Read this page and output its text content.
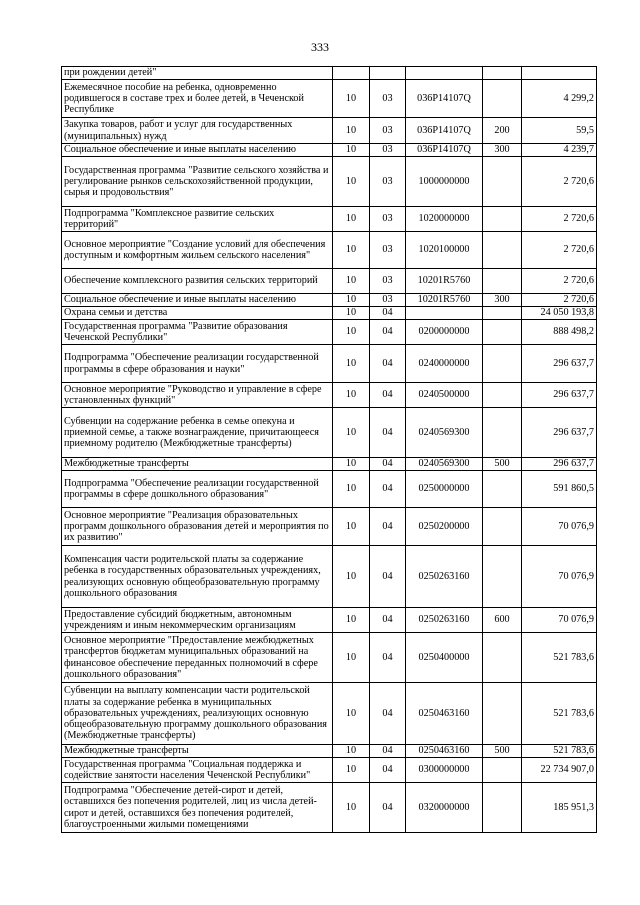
333
при рождении детей"					
Ежемесячное пособие на ребенка, одновременно родившегося в составе трех и более детей, в Чеченской Республике	10	03	036P14107Q		4 299,2
Закупка товаров, работ и услуг для государственных (муниципальных) нужд	10	03	036P14107Q	200	59,5
Социальное обеспечение и иные выплаты населению	10	03	036P14107Q	300	4 239,7
Государственная программа "Развитие сельского хозяйства и регулирование рынков сельскохозяйственной продукции, сырья и продовольствия"	10	03	1000000000		2 720,6
Подпрограмма "Комплексное развитие сельских территорий"	10	03	1020000000		2 720,6
Основное мероприятие "Создание условий для обеспечения доступным и комфортным жильем сельского населения"	10	03	1020100000		2 720,6
Обеспечение комплексного развития сельских территорий	10	03	10201R5760		2 720,6
Социальное обеспечение и иные выплаты населению	10	03	10201R5760	300	2 720,6
Охрана семьи и детства	10	04			24 050 193,8
Государственная программа "Развитие образования Чеченской Республики"	10	04	0200000000		888 498,2
Подпрограмма "Обеспечение реализации государственной программы в сфере образования и науки"	10	04	0240000000		296 637,7
Основное мероприятие "Руководство и управление в сфере установленных функций"	10	04	0240500000		296 637,7
Субвенции на содержание ребенка в семье опекуна и приемной семье, а также вознаграждение, причитающееся приемному родителю (Межбюджетные трансферты)	10	04	0240569300		296 637,7
Межбюджетные трансферты	10	04	0240569300	500	296 637,7
Подпрограмма "Обеспечение реализации государственной программы в сфере дошкольного образования"	10	04	0250000000		591 860,5
Основное мероприятие "Реализация образовательных программ дошкольного образования детей и мероприятия по их развитию"	10	04	0250200000		70 076,9
Компенсация части родительской платы за содержание ребенка в государственных образовательных учреждениях, реализующих основную общеобразовательную программу дошкольного образования	10	04	0250263160		70 076,9
Предоставление субсидий бюджетным, автономным учреждениям и иным некоммерческим организациям	10	04	0250263160	600	70 076,9
Основное мероприятие "Предоставление межбюджетных трансфертов бюджетам муниципальных образований на финансовое обеспечение переданных полномочий в сфере дошкольного образования"	10	04	0250400000		521 783,6
Субвенции на выплату компенсации части родительской платы за содержание ребенка в муниципальных образовательных учреждениях, реализующих основную общеобразовательную программу дошкольного образования (Межбюджетные трансферты)	10	04	0250463160		521 783,6
Межбюджетные трансферты	10	04	0250463160	500	521 783,6
Государственная программа "Социальная поддержка и содействие занятости населения Чеченской Республики"	10	04	0300000000		22 734 907,0
Подпрограмма "Обеспечение детей-сирот и детей, оставшихся без попечения родителей, лиц из числа детей-сирот и детей, оставшихся без попечения родителей, благоустроенными жилыми помещениями	10	04	0320000000		185 951,3
